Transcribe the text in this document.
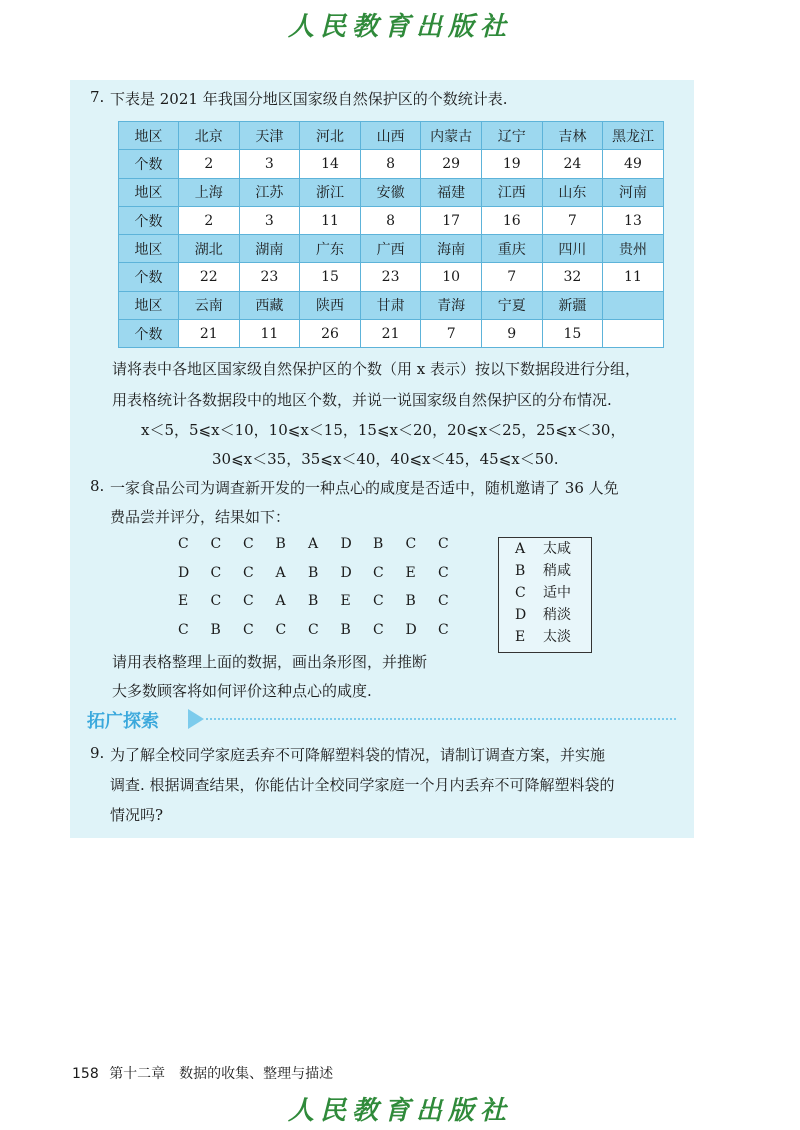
人民教育出版社
7. 下表是 2021 年我国分地区国家级自然保护区的个数统计表.
地区	北京	天津	河北	山西	内蒙古	辽宁	吉林	黑龙江
个数	2	3	14	8	29	19	24	49
地区	上海	江苏	浙江	安徽	福建	江西	山东	河南
个数	2	3	11	8	17	16	7	13
地区	湖北	湖南	广东	广西	海南	重庆	四川	贵州
个数	22	23	15	23	10	7	32	11
地区	云南	西藏	陕西	甘肃	青海	宁夏	新疆	
个数	21	11	26	21	7	9	15	
请将表中各地区国家级自然保护区的个数（用 x 表示）按以下数据段进行分组，
用表格统计各数据段中的地区个数，并说一说国家级自然保护区的分布情况.
x＜5，5⩽x＜10，10⩽x＜15，15⩽x＜20，20⩽x＜25，25⩽x＜30，
30⩽x＜35，35⩽x＜40，40⩽x＜45，45⩽x＜50.
8. 一家食品公司为调查新开发的一种点心的咸度是否适中，随机邀请了 36 人免
费品尝并评分，结果如下：
C C C B A D B C C
D C C A B D C E C
E C C A B E C B C
C B C C C B C D C
A 太咸
B 稍咸
C 适中
D 稍淡
E 太淡
请用表格整理上面的数据，画出条形图，并推断
大多数顾客将如何评价这种点心的咸度.
拓广探索
9. 为了解全校同学家庭丢弃不可降解塑料袋的情况，请制订调查方案，并实施
调查. 根据调查结果，你能估计全校同学家庭一个月内丢弃不可降解塑料袋的
情况吗?
158 第十二章　数据的收集、整理与描述
人民教育出版社
